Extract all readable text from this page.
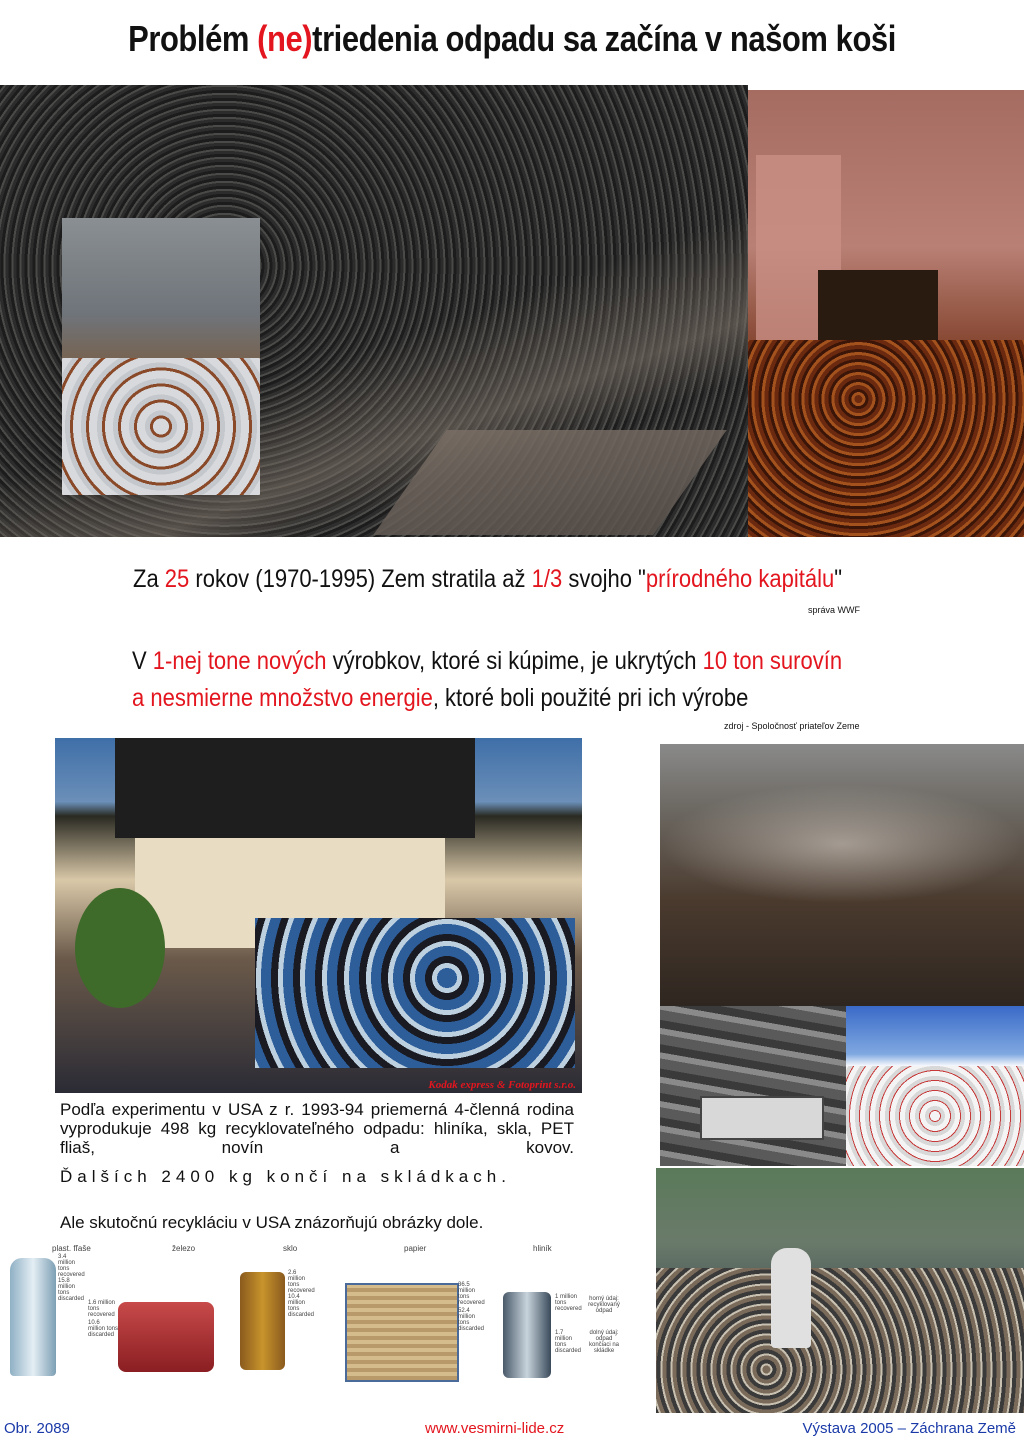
Problém (ne)triedenia odpadu sa začína v našom koši
Za 25 rokov (1970-1995) Zem stratila až 1/3 svojho "prírodného kapitálu"
správa WWF
V 1-nej tone nových výrobkov, ktoré si kúpime, je ukrytých 10 ton surovín
a nesmierne množstvo energie, ktoré boli použité pri ich výrobe
zdroj - Spoločnosť priateľov Zeme
Kodak express & Fotoprint s.r.o.
Podľa experimentu v USA z r. 1993-94 priemerná 4-členná rodina vyprodukuje 498 kg recyklovateľného odpadu: hliníka, skla, PET fliaš, novín a kovov.
Ďalších 2400 kg končí na skládkach.
Ale skutočnú recykláciu v USA znázorňujú obrázky dole.
plast. fľaše
3.4 million tons recovered
15.8 million tons discarded
železo
1.6 million tons recovered
10.6 million tons discarded
sklo
2.6 million tons recovered
10.4 million tons discarded
papier
36.5 million tons recovered
52.4 million tons discarded
hliník
1 million tons recovered
1.7 million tons discarded
horný údaj: recyklovaný odpad
dolný údaj: odpad končiaci na skládke
Obr. 2089	www.vesmirni-lide.cz	Výstava 2005 – Záchrana Země
